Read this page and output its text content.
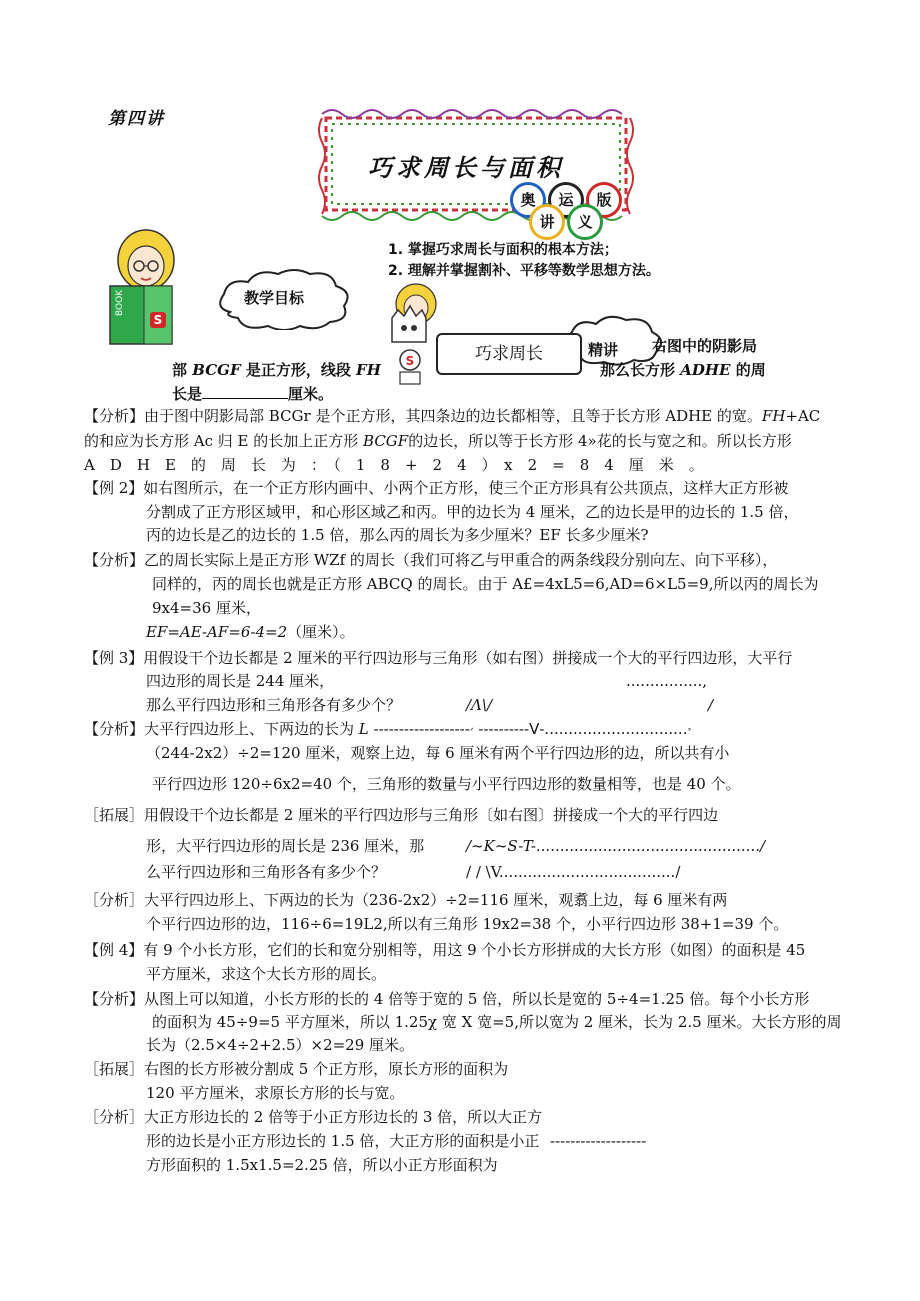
第四讲
巧求周长与面积
奥	运	版
讲	义
1. 掌握巧求周长与面积的根本方法；
2. 理解并掌握割补、平移等数学思想方法。
S
BOOK	教学目标
精讲
S	巧求周长	右图中的阴影局
部 BCGF 是正方形，线段 FH	那么长方形 ADHE 的周
长是	厘米。
【分析】由于图中阴影局部 BCGr 是个正方形，其四条边的边长都相等，且等于长方形 ADHE 的宽。FH+AC
的和应为长方形 Ac 归 E 的长加上正方形 BCGF的边长，所以等于长方形 4»花的长与宽之和。所以长方形
A　D　H　E　的　周　长　为　：　（　1　8　+　2　4　）　x　2　=　8　4　厘　米　。
【例 2】如右图所示，在一个正方形内画中、小两个正方形，使三个正方形具有公共顶点，这样大正方形被
分割成了正方形区域甲，和心形区域乙和丙。甲的边长为 4 厘米，乙的边长是甲的边长的 1.5 倍，
丙的边长是乙的边长的 1.5 倍，那么丙的周长为多少厘米？EF 长多少厘米?
【分析】乙的周长实际上是正方形 WZf 的周长（我们可将乙与甲重合的两条线段分别向左、向下平移），
同样的，丙的周长也就是正方形 ABCQ 的周长。由于 A£=4xL5=6,AD=6×L5=9,所以丙的周长为
9x4=36 厘米，
EF=AE-AF=6-4=2（厘米）。
【例 3】用假设干个边长都是 2 厘米的平行四边形与三角形（如右图）拼接成一个大的平行四边形，大平行
四边形的周长是 244 厘米，	................,
那么平行四边形和三角形各有多少个？	/Λ\/	/
【分析】大平行四边形上、下两边的长为 L -------------------ᐟ ----------ᐯ-..............................ᐣ
（244-2x2）÷2=120 厘米，观察上边，每 6 厘米有两个平行四边形的边，所以共有小
平行四边形 120÷6x2=40 个，三角形的数量与小平行四边形的数量相等，也是 40 个。
［拓展］用假设干个边长都是 2 厘米的平行四边形与三角形〔如右图〕拼接成一个大的平行四边
形，大平行四边形的周长是 236 厘米，那	/~K~S-T-.............................................../
么平行四边形和三角形各有多少个？	/ / \V...................................../
［分析］大平行四边形上、下两边的长为（236-2x2）÷2=116 厘米，观翥上边，每 6 厘米有两
个平行四边形的边，116÷6=19L2,所以有三角形 19x2=38 个，小平行四边形 38+1=39 个。
【例 4】有 9 个小长方形，它们的长和宽分别相等，用这 9 个小长方形拼成的大长方形（如图）的面积是 45
平方厘米，求这个大长方形的周长。
【分析】从图上可以知道，小长方形的长的 4 倍等于宽的 5 倍，所以长是宽的 5÷4=1.25 倍。每个小长方形
的面积为 45÷9=5 平方厘米，所以 1.25χ 宽 X 宽=5,所以宽为 2 厘米，长为 2.5 厘米。大长方形的周
长为（2.5×4÷2+2.5）×2=29 厘米。
［拓展］右图的长方形被分割成 5 个正方形，原长方形的面积为
120 平方厘米，求原长方形的长与宽。
［分析］大正方形边长的 2 倍等于小正方形边长的 3 倍，所以大正方
形的边长是小正方形边长的 1.5 倍，大正方形的面积是小正 -------------------
方形面积的 1.5x1.5=2.25 倍，所以小正方形面积为
